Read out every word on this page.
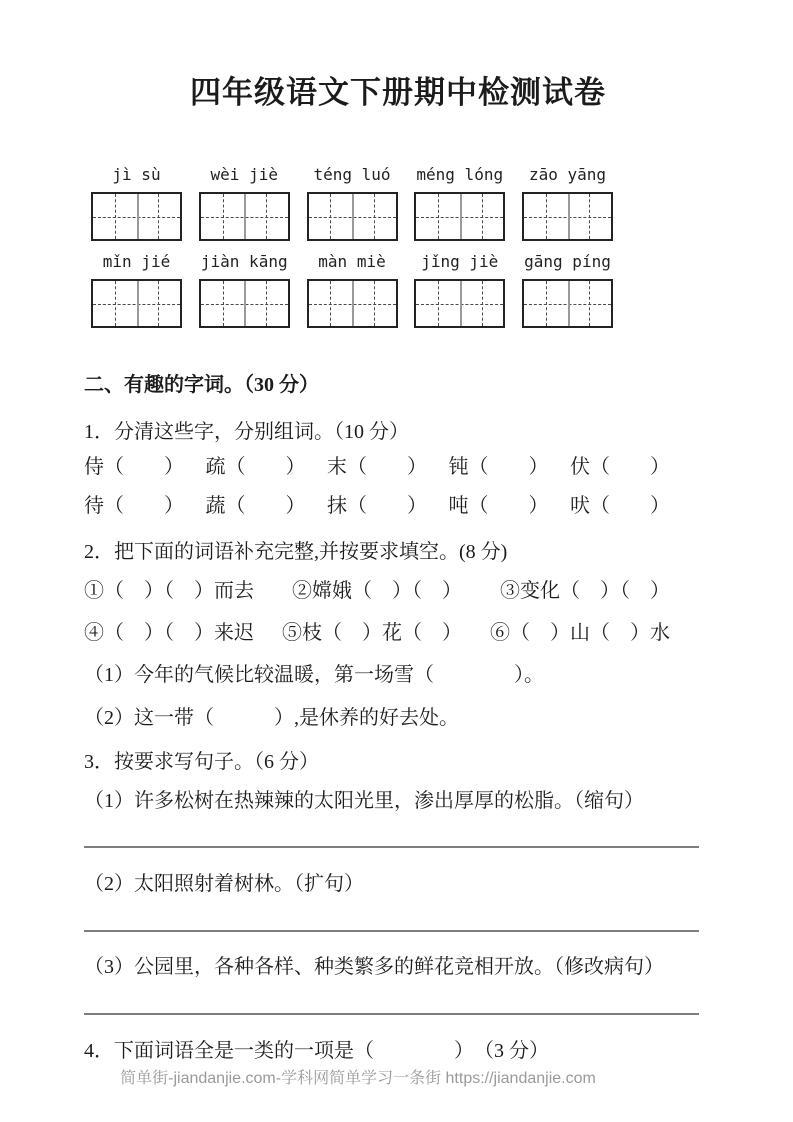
四年级语文下册期中检测试卷
jì sù	wèi jiè téng luó méng lóng zāo yāng
mǐn jié jiàn kāng màn miè jǐng jiè gāng píng
二、有趣的字词。（30 分）
1．分清这些字，分别组词。（10 分）
侍（　　） 疏（　　） 末（　　） 钝（　　） 伏（　　）
待（　　） 蔬（　　） 抹（　　） 吨（　　） 吠（　　）
2．把下面的词语补充完整,并按要求填空。(8 分)
①（　）（　）而去 ②嫦娥（　）（　） ③变化（　）（　）
④（　）（　）来迟 ⑤枝（　）花（　） ⑥（　）山（　）水
（1）今年的气候比较温暖，第一场雪（　　　　）。
（2）这一带（　　　）,是休养的好去处。
3．按要求写句子。（6 分）
（1）许多松树在热辣辣的太阳光里，渗出厚厚的松脂。（缩句）
（2）太阳照射着树林。（扩句）
（3）公园里，各种各样、种类繁多的鲜花竞相开放。（修改病句）
4．下面词语全是一类的一项是（　　　　）　（3 分）
简单街-jiandanjie.com-学科网简单学习一条街 https://jiandanjie.com
